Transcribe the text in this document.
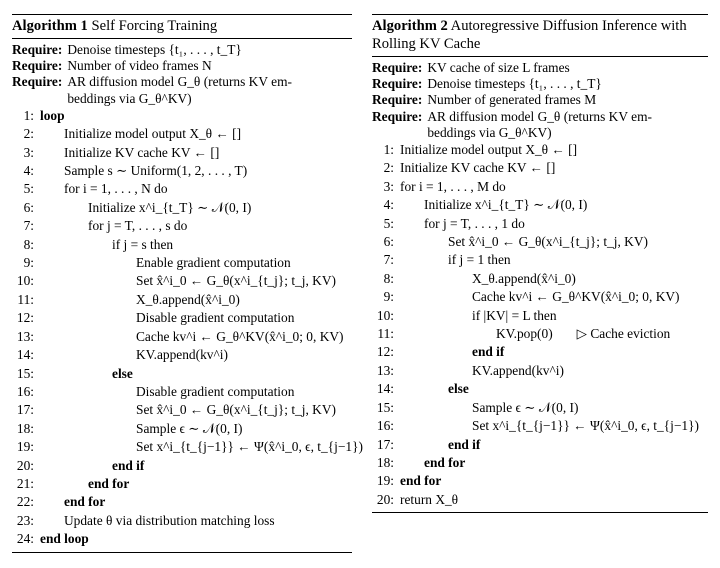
Algorithm 1 Self Forcing Training
Require: Denoise timesteps {t₁, . . . , t_T}
Require: Number of video frames N
Require: AR diffusion model G_θ (returns KV em-
beddings via G_θ^KV)
1: loop
2:	Initialize model output X_θ ← []
3:	Initialize KV cache KV ← []
4:	Sample s ∼ Uniform(1, 2, . . . , T)
5:	for i = 1, . . . , N do
6:	Initialize x^i_{t_T} ∼ 𝒩(0, I)
7:	for j = T, . . . , s do
8:	if j = s then
9:	Enable gradient computation
10:	Set x̂^i_0 ← G_θ(x^i_{t_j}; t_j, KV)
11:	X_θ.append(x̂^i_0)
12:	Disable gradient computation
13:	Cache kv^i ← G_θ^KV(x̂^i_0; 0, KV)
14:	KV.append(kv^i)
15:	else
16:	Disable gradient computation
17:	Set x̂^i_0 ← G_θ(x^i_{t_j}; t_j, KV)
18:	Sample ϵ ∼ 𝒩(0, I)
19:	Set x^i_{t_{j−1}} ← Ψ(x̂^i_0, ϵ, t_{j−1})
20:	end if
21:	end for
22:	end for
23:	Update θ via distribution matching loss
24: end loop
Algorithm 2 Autoregressive Diffusion Inference with Rolling KV Cache
Require: KV cache of size L frames
Require: Denoise timesteps {t₁, . . . , t_T}
Require: Number of generated frames M
Require: AR diffusion model G_θ (returns KV em-
beddings via G_θ^KV)
1: Initialize model output X_θ ← []
2: Initialize KV cache KV ← []
3: for i = 1, . . . , M do
4:	Initialize x^i_{t_T} ∼ 𝒩(0, I)
5:	for j = T, . . . , 1 do
6:	Set x̂^i_0 ← G_θ(x^i_{t_j}; t_j, KV)
7:	if j = 1 then
8:	X_θ.append(x̂^i_0)
9:	Cache kv^i ← G_θ^KV(x̂^i_0; 0, KV)
10:	if |KV| = L then
11:	KV.pop(0)	▷ Cache eviction
12:	end if
13:	KV.append(kv^i)
14:	else
15:	Sample ϵ ∼ 𝒩(0, I)
16:	Set x^i_{t_{j−1}} ← Ψ(x̂^i_0, ϵ, t_{j−1})
17:	end if
18:	end for
19: end for
20: return X_θ
